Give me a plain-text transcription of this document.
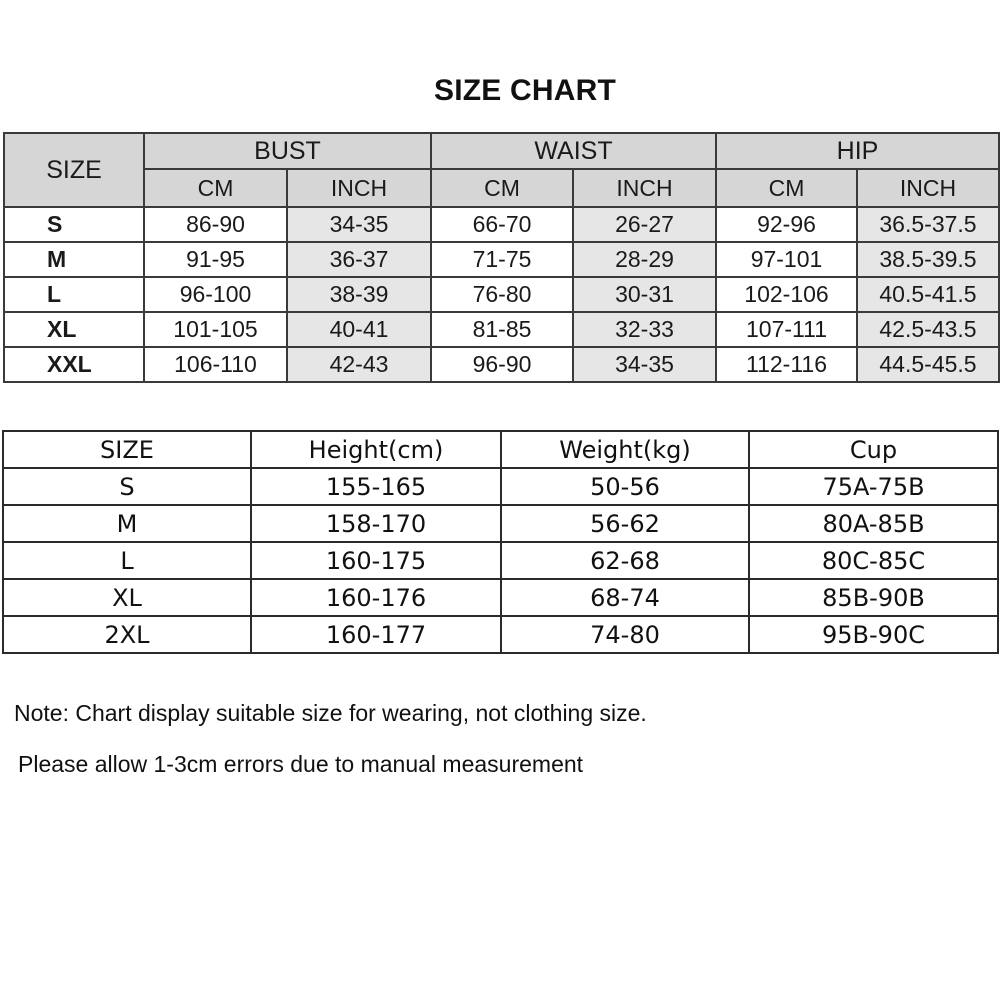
SIZE CHART
SIZE	BUST		WAIST		HIP	
	CM	INCH	CM	INCH	CM	INCH
S	86-90	34-35	66-70	26-27	92-96	36.5-37.5
M	91-95	36-37	71-75	28-29	97-101	38.5-39.5
L	96-100	38-39	76-80	30-31	102-106	40.5-41.5
XL	101-105	40-41	81-85	32-33	107-111	42.5-43.5
XXL	106-110	42-43	96-90	34-35	112-116	44.5-45.5
SIZE	Height(cm)	Weight(kg)	Cup
S	155-165	50-56	75A-75B
M	158-170	56-62	80A-85B
L	160-175	62-68	80C-85C
XL	160-176	68-74	85B-90B
2XL	160-177	74-80	95B-90C
Note: Chart display suitable size for wearing, not clothing size.
Please allow 1-3cm errors due to manual measurement
